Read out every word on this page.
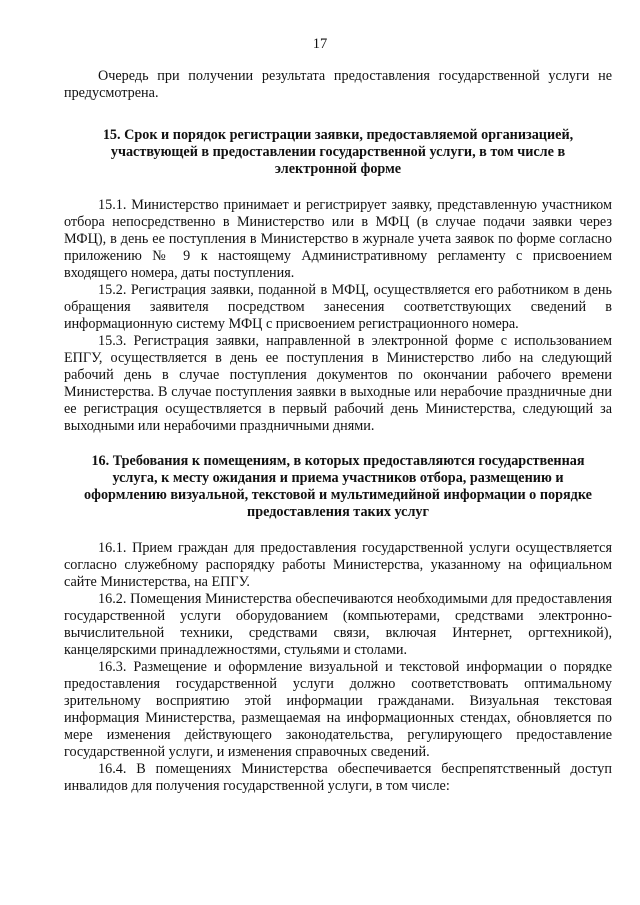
17

Очередь при получении результата предоставления государственной услуги не предусмотрена.

15. Срок и порядок регистрации заявки, предоставляемой организацией, участвующей в предоставлении государственной услуги, в том числе в электронной форме

15.1. Министерство принимает и регистрирует заявку, представленную участником отбора непосредственно в Министерство или в МФЦ (в случае подачи заявки через МФЦ), в день ее поступления в Министерство в журнале учета заявок по форме согласно приложению № 9 к настоящему Административному регламенту с присвоением входящего номера, даты поступления.

15.2. Регистрация заявки, поданной в МФЦ, осуществляется его работником в день обращения заявителя посредством занесения соответствующих сведений в информационную систему МФЦ с присвоением регистрационного номера.

15.3. Регистрация заявки, направленной в электронной форме с использованием ЕПГУ, осуществляется в день ее поступления в Министерство либо на следующий рабочий день в случае поступления документов по окончании рабочего времени Министерства. В случае поступления заявки в выходные или нерабочие праздничные дни ее регистрация осуществляется в первый рабочий день Министерства, следующий за выходными или нерабочими праздничными днями.

16. Требования к помещениям, в которых предоставляются государственная услуга, к месту ожидания и приема участников отбора, размещению и оформлению визуальной, текстовой и мультимедийной информации о порядке предоставления таких услуг

16.1. Прием граждан для предоставления государственной услуги осуществляется согласно служебному распорядку работы Министерства, указанному на официальном сайте Министерства, на ЕПГУ.

16.2. Помещения Министерства обеспечиваются необходимыми для предоставления государственной услуги оборудованием (компьютерами, средствами электронно-вычислительной техники, средствами связи, включая Интернет, оргтехникой), канцелярскими принадлежностями, стульями и столами.

16.3. Размещение и оформление визуальной и текстовой информации о порядке предоставления государственной услуги должно соответствовать оптимальному зрительному восприятию этой информации гражданами. Визуальная текстовая информация Министерства, размещаемая на информационных стендах, обновляется по мере изменения действующего законодательства, регулирующего предоставление государственной услуги, и изменения справочных сведений.

16.4. В помещениях Министерства обеспечивается беспрепятственный доступ инвалидов для получения государственной услуги, в том числе:
